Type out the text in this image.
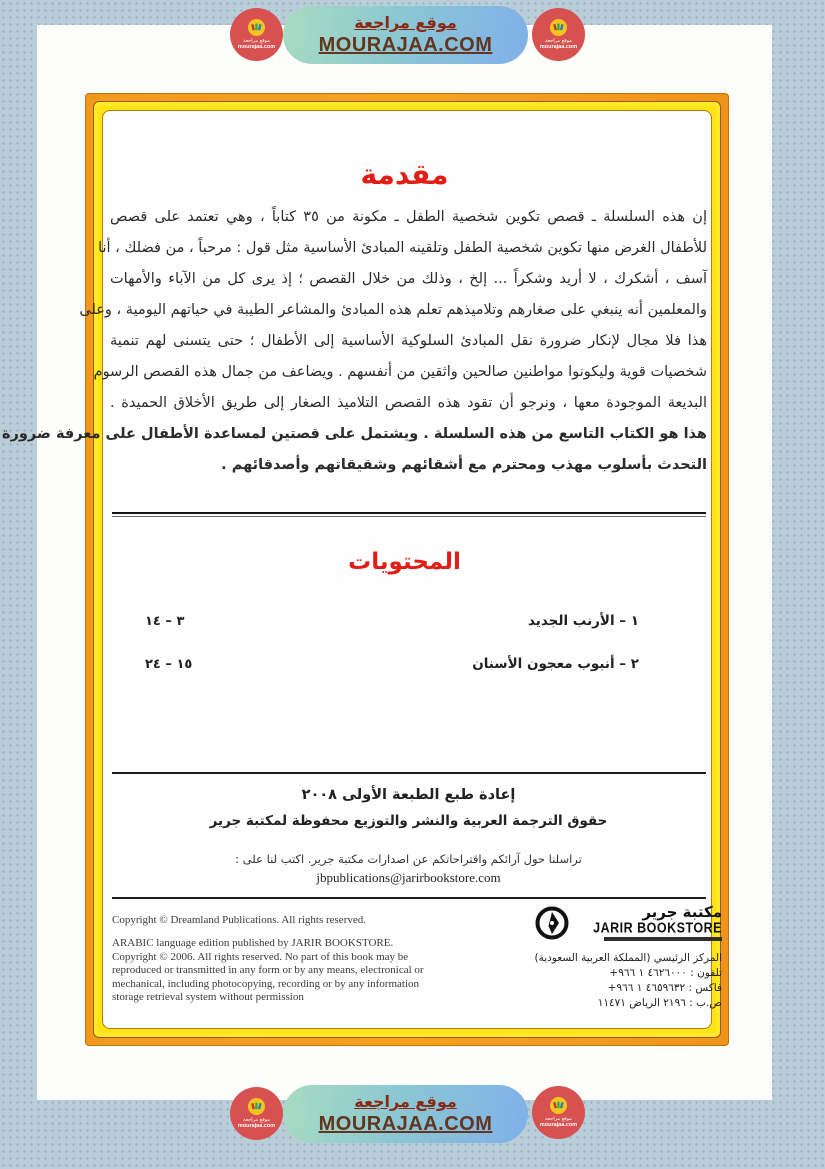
موقع مراجعة
MOURAJAA.COM
موقع مراجعة
mourajaa.com
موقع مراجعة
mourajaa.com
مقدمة
إن هذه السلسلة ـ قصص تكوين شخصية الطفل ـ مكونة من ٣٥ كتاباً ، وهي تعتمد على قصص
للأطفال الغرض منها تكوين شخصية الطفل وتلقينه المبادئ الأساسية مثل قول : مرحباً ، من فضلك ، أنا
آسف ، أشكرك ، لا أريد وشكراً ... إلخ ، وذلك من خلال القصص ؛ إذ يرى كل من الآباء والأمهات
والمعلمين أنه ينبغي على صغارهم وتلاميذهم تعلم هذه المبادئ والمشاعر الطيبة في حياتهم اليومية ، وعلى
هذا فلا مجال لإنكار ضرورة نقل المبادئ السلوكية الأساسية إلى الأطفال ؛ حتى يتسنى لهم تنمية
شخصيات قوية وليكونوا مواطنين صالحين واثقين من أنفسهم . ويضاعف من جمال هذه القصص الرسوم
البديعة الموجودة معها ، ونرجو أن تقود هذه القصص التلاميذ الصغار إلى طريق الأخلاق الحميدة .
هذا هو الكتاب التاسع من هذه السلسلة . ويشتمل على قصتين لمساعدة الأطفال على معرفة ضرورة
التحدث بأسلوب مهذب ومحترم مع أشقائهم وشقيقاتهم وأصدقائهم .
المحتويات
١ – الأرنب الجديد
٣ – ١٤
٢ – أنبوب معجون الأسنان
١٥ – ٢٤
إعادة طبع الطبعة الأولى ٢٠٠٨
حقوق الترجمة العربية والنشر والتوزيع محفوظة لمكتبة جرير
تراسلنا حول آرائكم واقتراحاتكم عن اصدارات مكتبة جرير. اكتب لنا على :
jbpublications@jarirbookstore.com
Copyright © Dreamland Publications. All rights reserved.
ARABIC language edition published by JARIR BOOKSTORE.
Copyright © 2006. All rights reserved. No part of this book may be
reproduced or transmitted in any form or by any means, electronical or
mechanical, including photocopying, recording or by any information
storage retrieval system without permission
مكتبة جرير
JARIR BOOKSTORE
المركز الرئيسي (المملكة العربية السعودية)
تلفون : ٤٦٢٦٠٠٠ ١ ٩٦٦+
فاكس : ٤٦٥٩٦٣٢ ١ ٩٦٦+
ص.ب : ٢١٩٦ الرياض ١١٤٧١
موقع مراجعة
MOURAJAA.COM
موقع مراجعة
mourajaa.com
موقع مراجعة
mourajaa.com
